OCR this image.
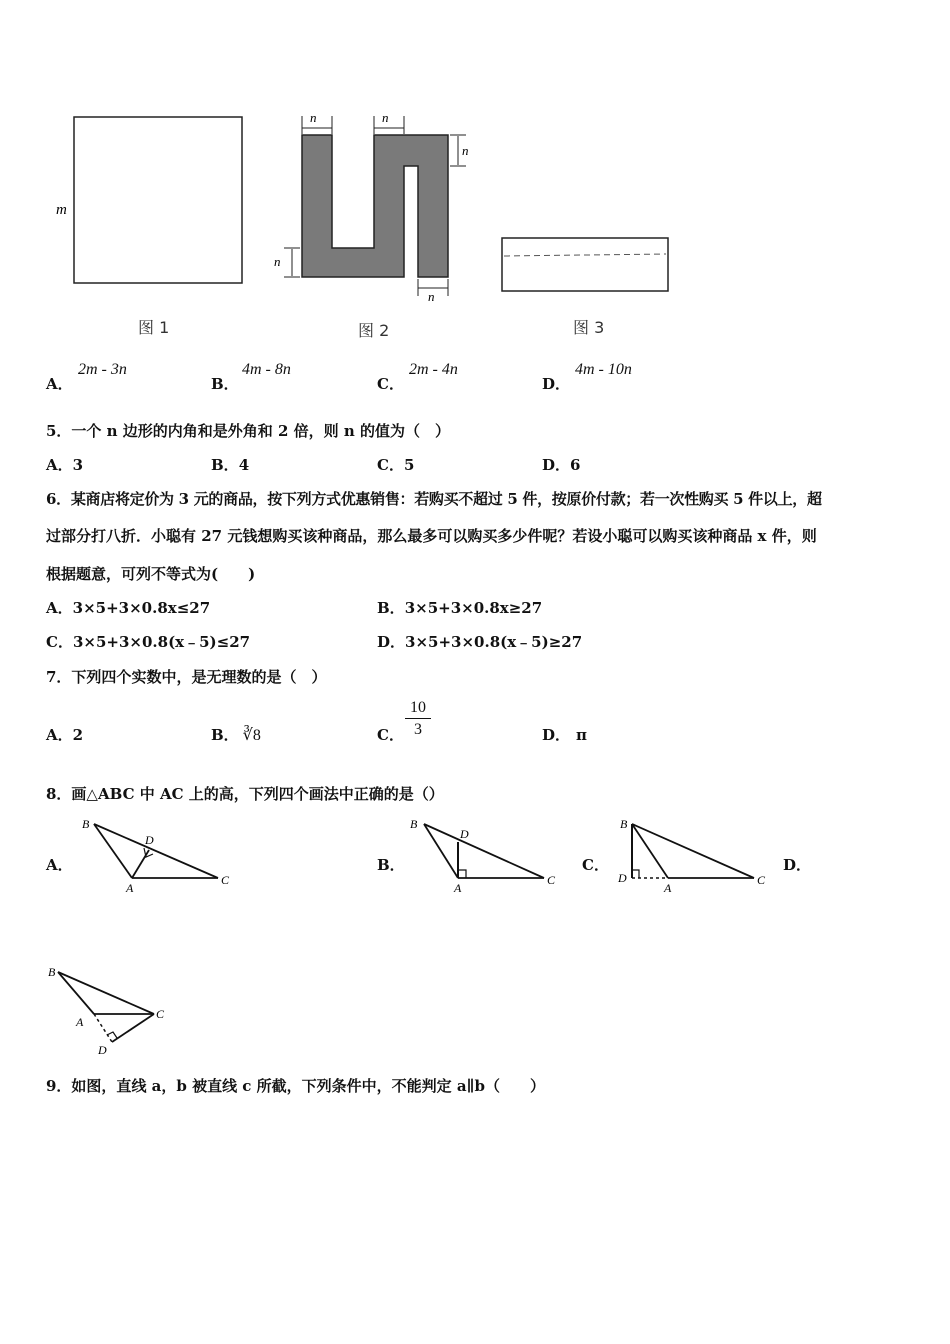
m
n	n
n
n
n
图 1	图 2	图 3
A．
2m - 3n
B．
4m - 8n
C．
2m - 4n
D．
4m - 10n
5．一个 n 边形的内角和是外角和 2 倍，则 n 的值为（　）
A．3	B．4	C．5	D．6
6．某商店将定价为 3 元的商品，按下列方式优惠销售：若购买不超过 5 件，按原价付款；若一次性购买 5 件以上，超
过部分打八折．小聪有 27 元钱想购买该种商品，那么最多可以购买多少件呢？若设小聪可以购买该种商品 x 件，则
根据题意，可列不等式为(　　)
A．3×5+3×0.8x≤27	B．3×5+3×0.8x≥27
C．3×5+3×0.8(x﹣5)≤27	D．3×5+3×0.8(x﹣5)≥27
7．下列四个实数中，是无理数的是（　）
A．2	B． ∛8	C． $\frac{10}{3}$	D． π
8．画△ABC 中 AC 上的高，下列四个画法中正确的是（）
A．
B
D
A
C
B．
B
D
A
C
C．
B
D
A
C
D．
B
A
C
D
9．如图，直线 a，b 被直线 c 所截，下列条件中，不能判定 a∥b（　　）
